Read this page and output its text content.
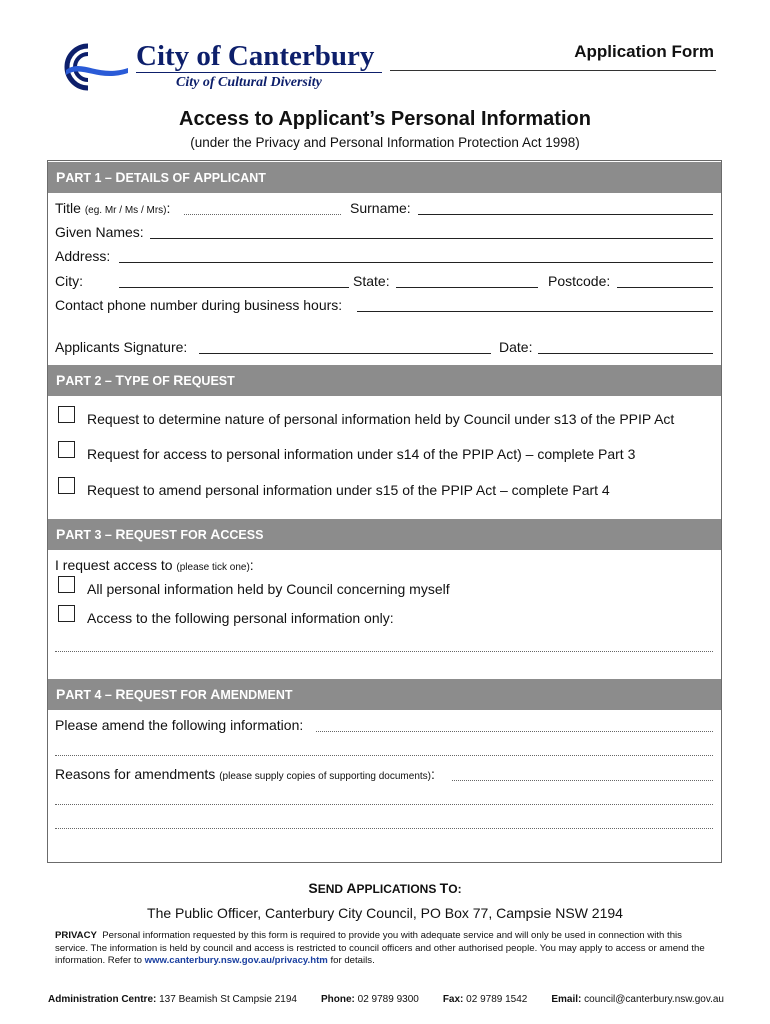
City of Canterbury
City of Cultural Diversity
Application Form
Access to Applicant’s Personal Information
(under the Privacy and Personal Information Protection Act 1998)
PART 1 – DETAILS OF APPLICANT
Title (eg. Mr / Ms / Mrs):	Surname:
Given Names:
Address:
City:	State:	Postcode:
Contact phone number during business hours:
Applicants Signature:	Date:
PART 2 – TYPE OF REQUEST
Request to determine nature of personal information held by Council under s13 of the PPIP Act
Request for access to personal information under s14 of the PPIP Act) – complete Part 3
Request to amend personal information under s15 of the PPIP Act – complete Part 4
PART 3 – REQUEST FOR ACCESS
I request access to (please tick one):
All personal information held by Council concerning myself
Access to the following personal information only:
PART 4 – REQUEST FOR AMENDMENT
Please amend the following information:
Reasons for amendments (please supply copies of supporting documents):
SEND APPLICATIONS TO:
The Public Officer, Canterbury City Council, PO Box 77, Campsie NSW 2194
PRIVACY Personal information requested by this form is required to provide you with adequate service and will only be used in connection with this service. The information is held by council and access is restricted to council officers and other authorised people. You may apply to access or amend the information. Refer to www.canterbury.nsw.gov.au/privacy.htm for details.
Administration Centre: 137 Beamish St Campsie 2194 Phone: 02 9789 9300 Fax: 02 9789 1542 Email: council@canterbury.nsw.gov.au
